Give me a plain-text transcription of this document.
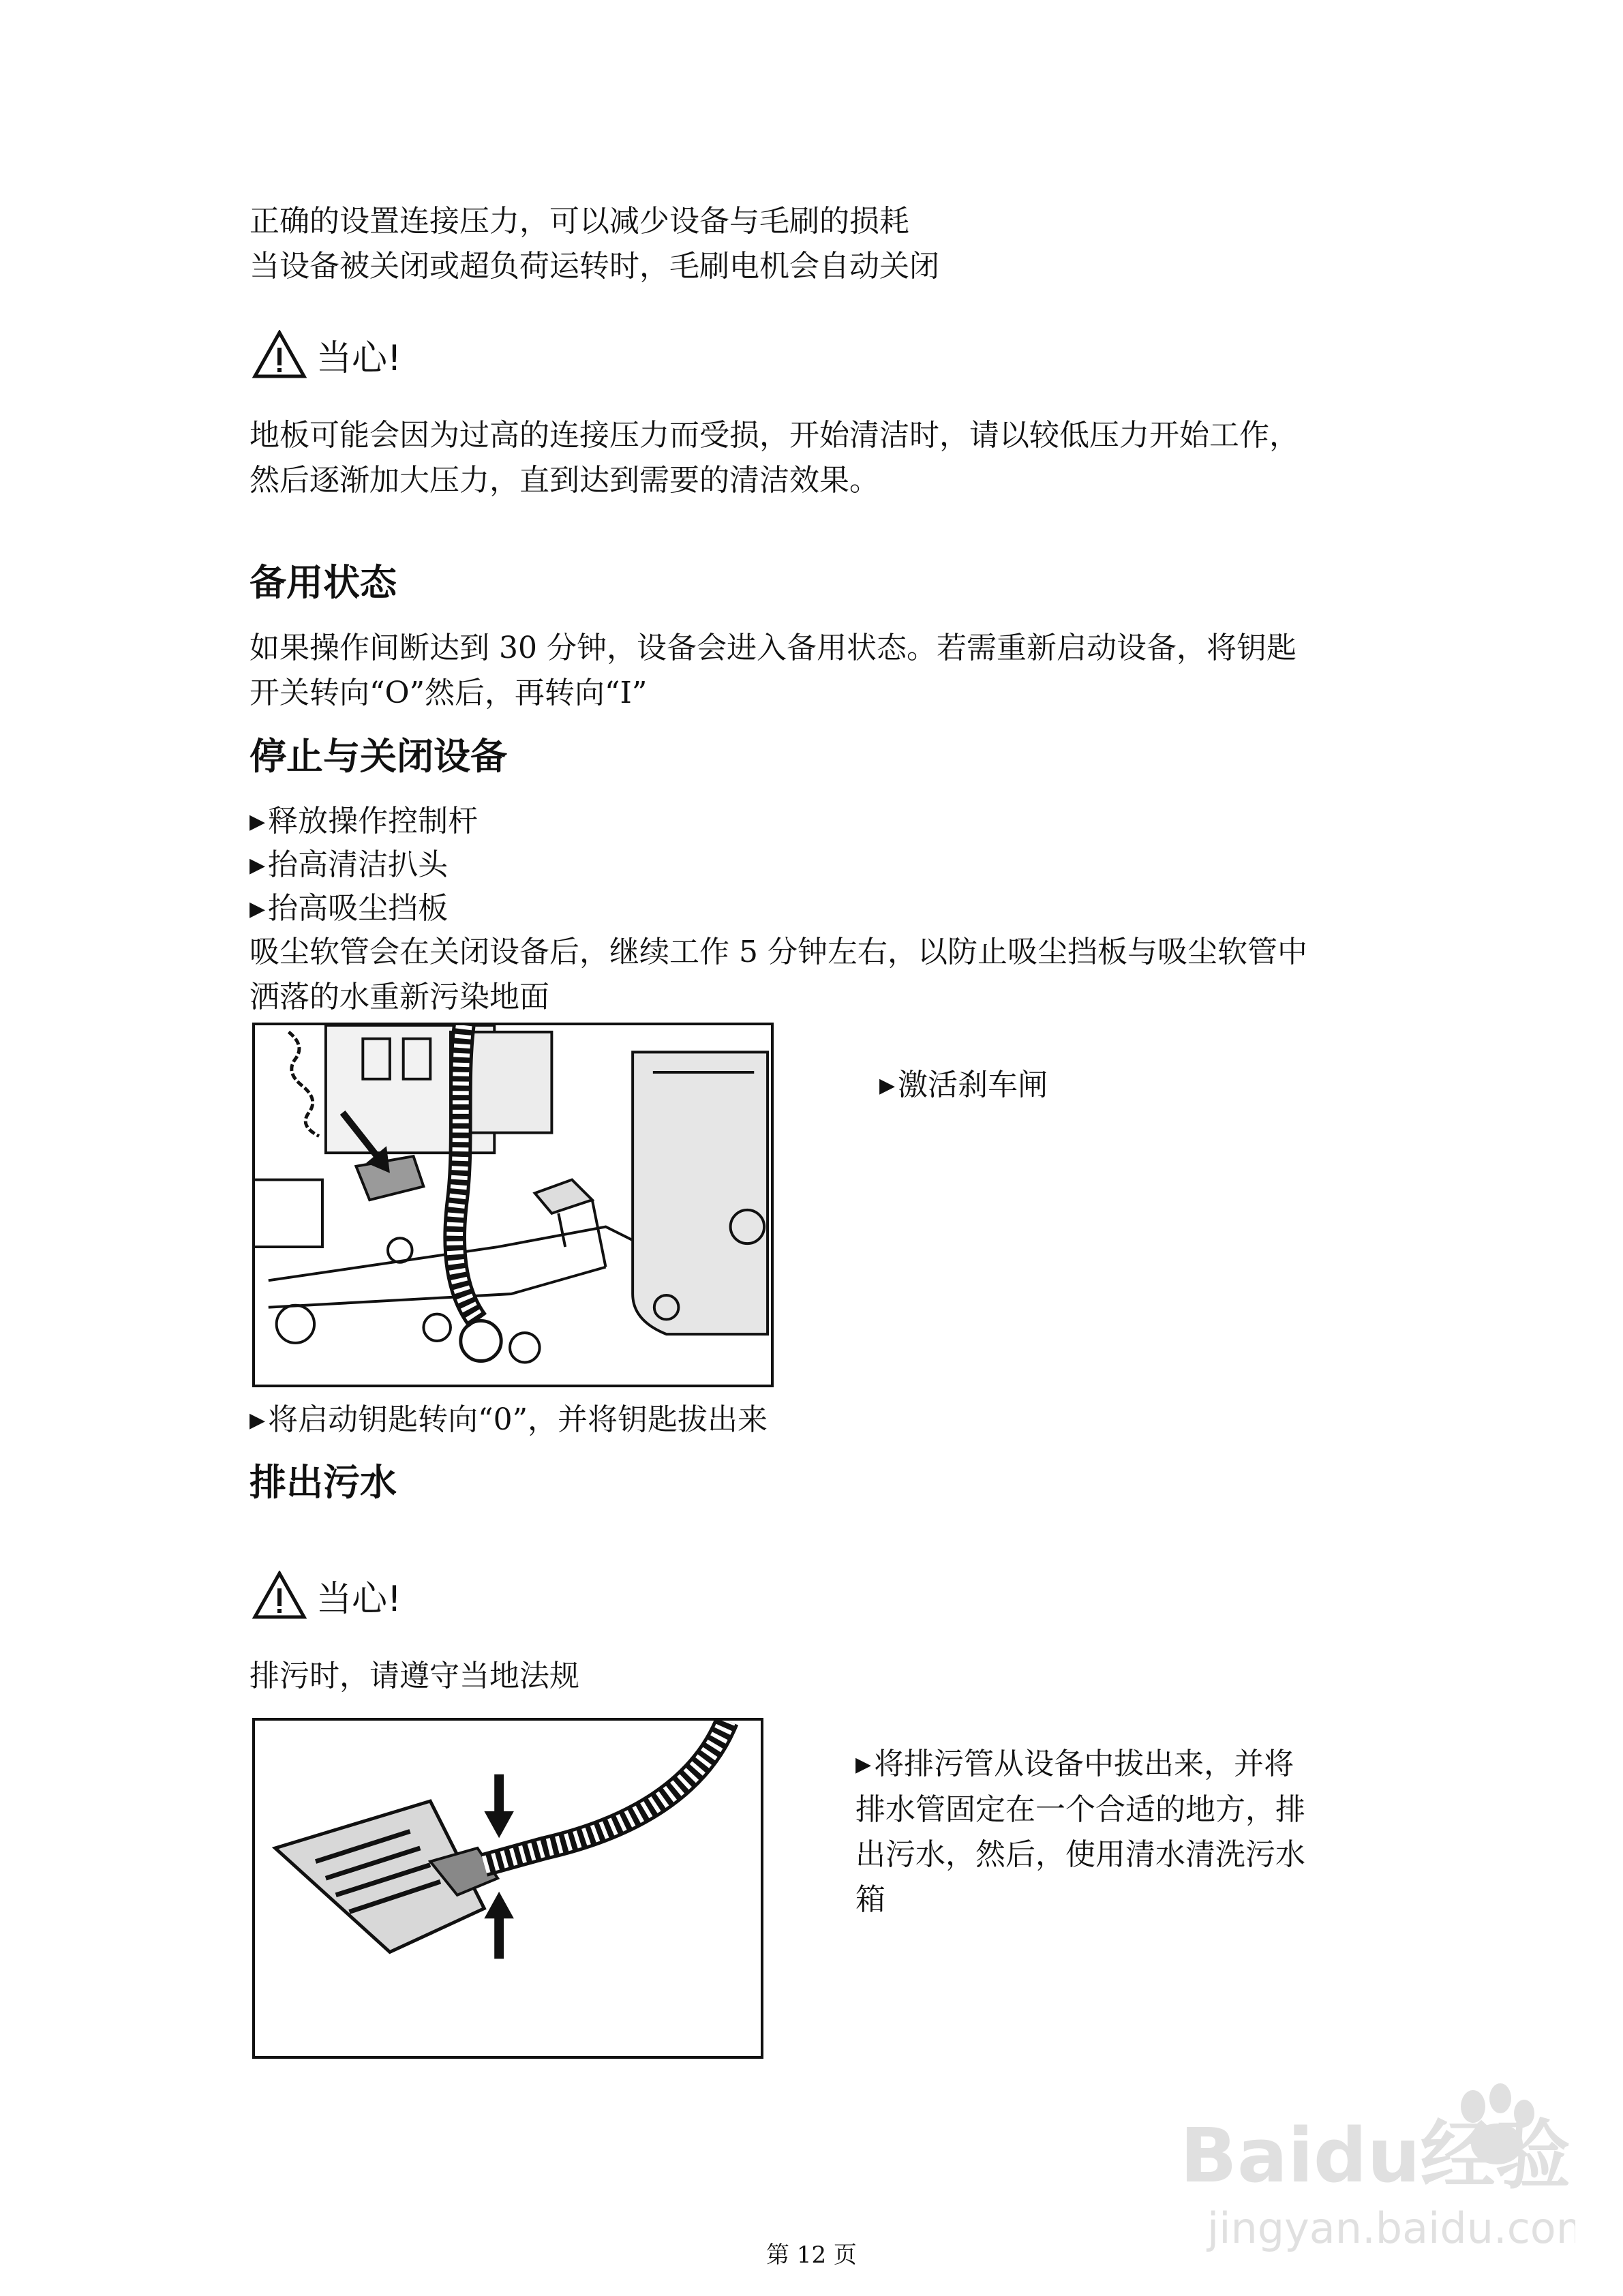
正确的设置连接压力，可以减少设备与毛刷的损耗

当设备被关闭或超负荷运转时，毛刷电机会自动关闭

当心!

地板可能会因为过高的连接压力而受损，开始清洁时，请以较低压力开始工作，

然后逐渐加大压力，直到达到需要的清洁效果。

备用状态

如果操作间断达到 30 分钟，设备会进入备用状态。若需重新启动设备，将钥匙

开关转向“O”然后，再转向“I”

停止与关闭设备

▶ 释放操作控制杆

▶ 抬高清洁扒头

▶ 抬高吸尘挡板

吸尘软管会在关闭设备后，继续工作 5 分钟左右，以防止吸尘挡板与吸尘软管中

洒落的水重新污染地面

▶ 激活刹车闸

▶ 将启动钥匙转向“0”，并将钥匙拔出来

排出污水
当心!

排污时，请遵守当地法规

▶ 将排污管从设备中拔出来，并将
排水管固定在一个合适的地方，排
出污水，然后，使用清水清洗污水
箱
第 12 页
Baidu经验
jingyan.baidu.com
